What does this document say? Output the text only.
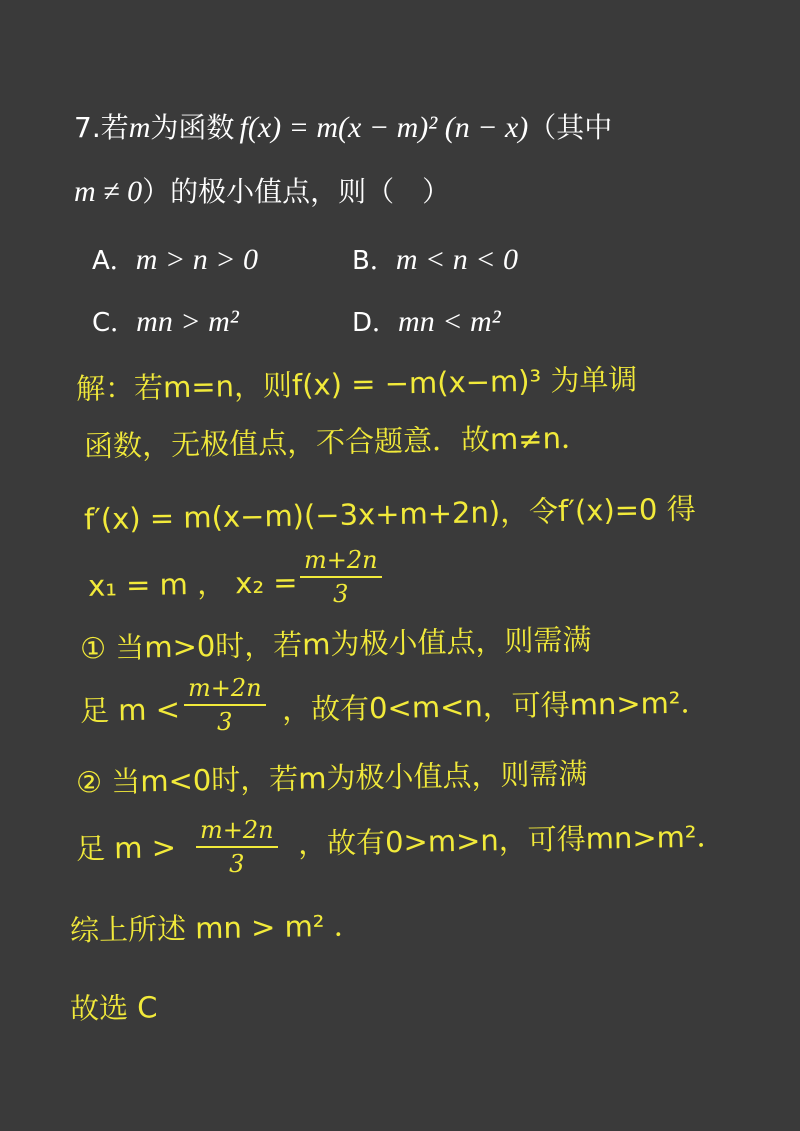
7.若m为函数 f(x) = m(x − m)² (n − x)（其中
m ≠ 0）的极小值点，则（　）
A．m > n > 0	B．m < n < 0
C．mn > m²	D．mn < m²
解：若m=n，则f(x) = −m(x−m)³ 为单调
函数，无极值点，不合题意．故m≠n．
f′(x) = m(x−m)(−3x+m+2n)，令f′(x)=0 得
x₁ = m ， x₂ =
m+2n
3
① 当m>0时，若m为极小值点，则需满
足 m <
m+2n
3	，故有0<m<n，可得mn>m²．
② 当m<0时，若m为极小值点，则需满
足 m >
m+2n
3
，故有0>m>n，可得mn>m²．
综上所述 mn > m² ．
故选 C
